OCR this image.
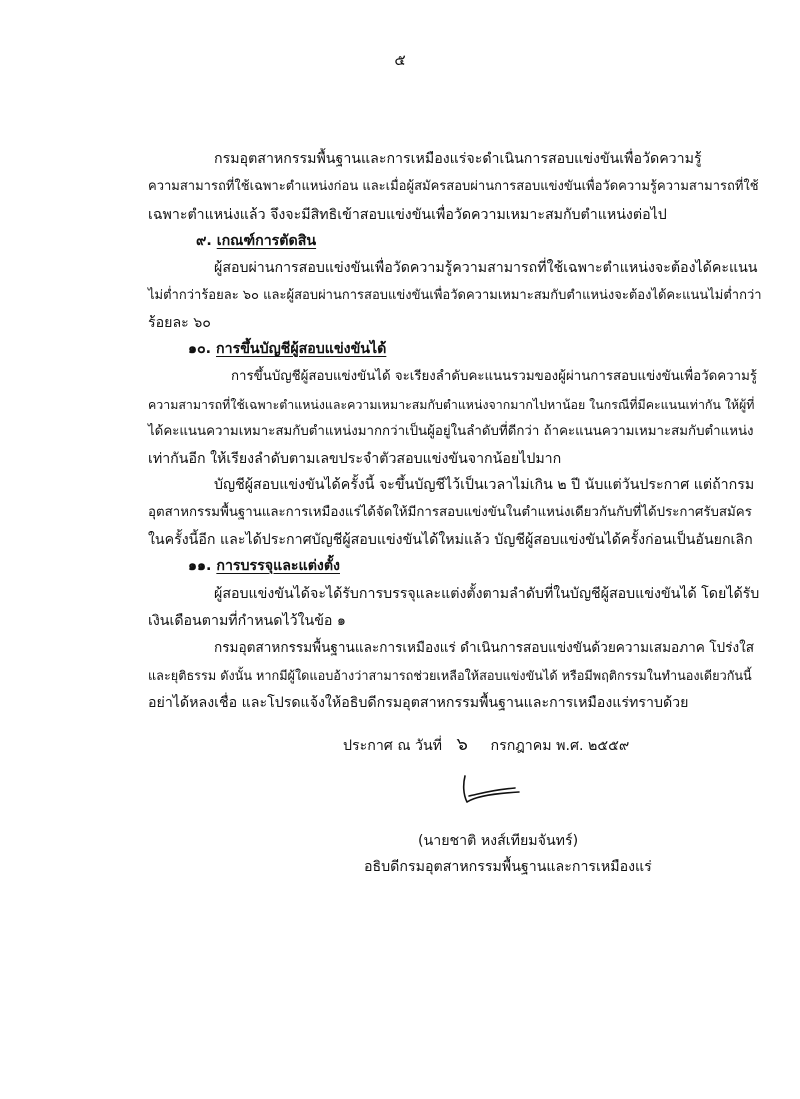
๕
กรมอุตสาหกรรมพื้นฐานและการเหมืองแร่จะดำเนินการสอบแข่งขันเพื่อวัดความรู้
ความสามารถที่ใช้เฉพาะตำแหน่งก่อน และเมื่อผู้สมัครสอบผ่านการสอบแข่งขันเพื่อวัดความรู้ความสามารถที่ใช้
เฉพาะตำแหน่งแล้ว จึงจะมีสิทธิเข้าสอบแข่งขันเพื่อวัดความเหมาะสมกับตำแหน่งต่อไป
๙. เกณฑ์การตัดสิน
ผู้สอบผ่านการสอบแข่งขันเพื่อวัดความรู้ความสามารถที่ใช้เฉพาะตำแหน่งจะต้องได้คะแนน
ไม่ต่ำกว่าร้อยละ ๖๐ และผู้สอบผ่านการสอบแข่งขันเพื่อวัดความเหมาะสมกับตำแหน่งจะต้องได้คะแนนไม่ต่ำกว่า
ร้อยละ ๖๐
๑๐. การขึ้นบัญชีผู้สอบแข่งขันได้
การขึ้นบัญชีผู้สอบแข่งขันได้ จะเรียงลำดับคะแนนรวมของผู้ผ่านการสอบแข่งขันเพื่อวัดความรู้
ความสามารถที่ใช้เฉพาะตำแหน่งและความเหมาะสมกับตำแหน่งจากมากไปหาน้อย ในกรณีที่มีคะแนนเท่ากัน ให้ผู้ที่
ได้คะแนนความเหมาะสมกับตำแหน่งมากกว่าเป็นผู้อยู่ในลำดับที่ดีกว่า ถ้าคะแนนความเหมาะสมกับตำแหน่ง
เท่ากันอีก ให้เรียงลำดับตามเลขประจำตัวสอบแข่งขันจากน้อยไปมาก
บัญชีผู้สอบแข่งขันได้ครั้งนี้ จะขึ้นบัญชีไว้เป็นเวลาไม่เกิน ๒ ปี นับแต่วันประกาศ แต่ถ้ากรม
อุตสาหกรรมพื้นฐานและการเหมืองแร่ได้จัดให้มีการสอบแข่งขันในตำแหน่งเดียวกันกับที่ได้ประกาศรับสมัคร
ในครั้งนี้อีก และได้ประกาศบัญชีผู้สอบแข่งขันได้ใหม่แล้ว บัญชีผู้สอบแข่งขันได้ครั้งก่อนเป็นอันยกเลิก
๑๑. การบรรจุและแต่งตั้ง
ผู้สอบแข่งขันได้จะได้รับการบรรจุและแต่งตั้งตามลำดับที่ในบัญชีผู้สอบแข่งขันได้ โดยได้รับ
เงินเดือนตามที่กำหนดไว้ในข้อ ๑
กรมอุตสาหกรรมพื้นฐานและการเหมืองแร่ ดำเนินการสอบแข่งขันด้วยความเสมอภาค โปร่งใส
และยุติธรรม ดังนั้น หากมีผู้ใดแอบอ้างว่าสามารถช่วยเหลือให้สอบแข่งขันได้ หรือมีพฤติกรรมในทำนองเดียวกันนี้
อย่าได้หลงเชื่อ และโปรดแจ้งให้อธิบดีกรมอุตสาหกรรมพื้นฐานและการเหมืองแร่ทราบด้วย
ประกาศ ณ วันที่ ๖ กรกฎาคม พ.ศ. ๒๕๕๙
(นายชาติ หงส์เทียมจันทร์)
อธิบดีกรมอุตสาหกรรมพื้นฐานและการเหมืองแร่
